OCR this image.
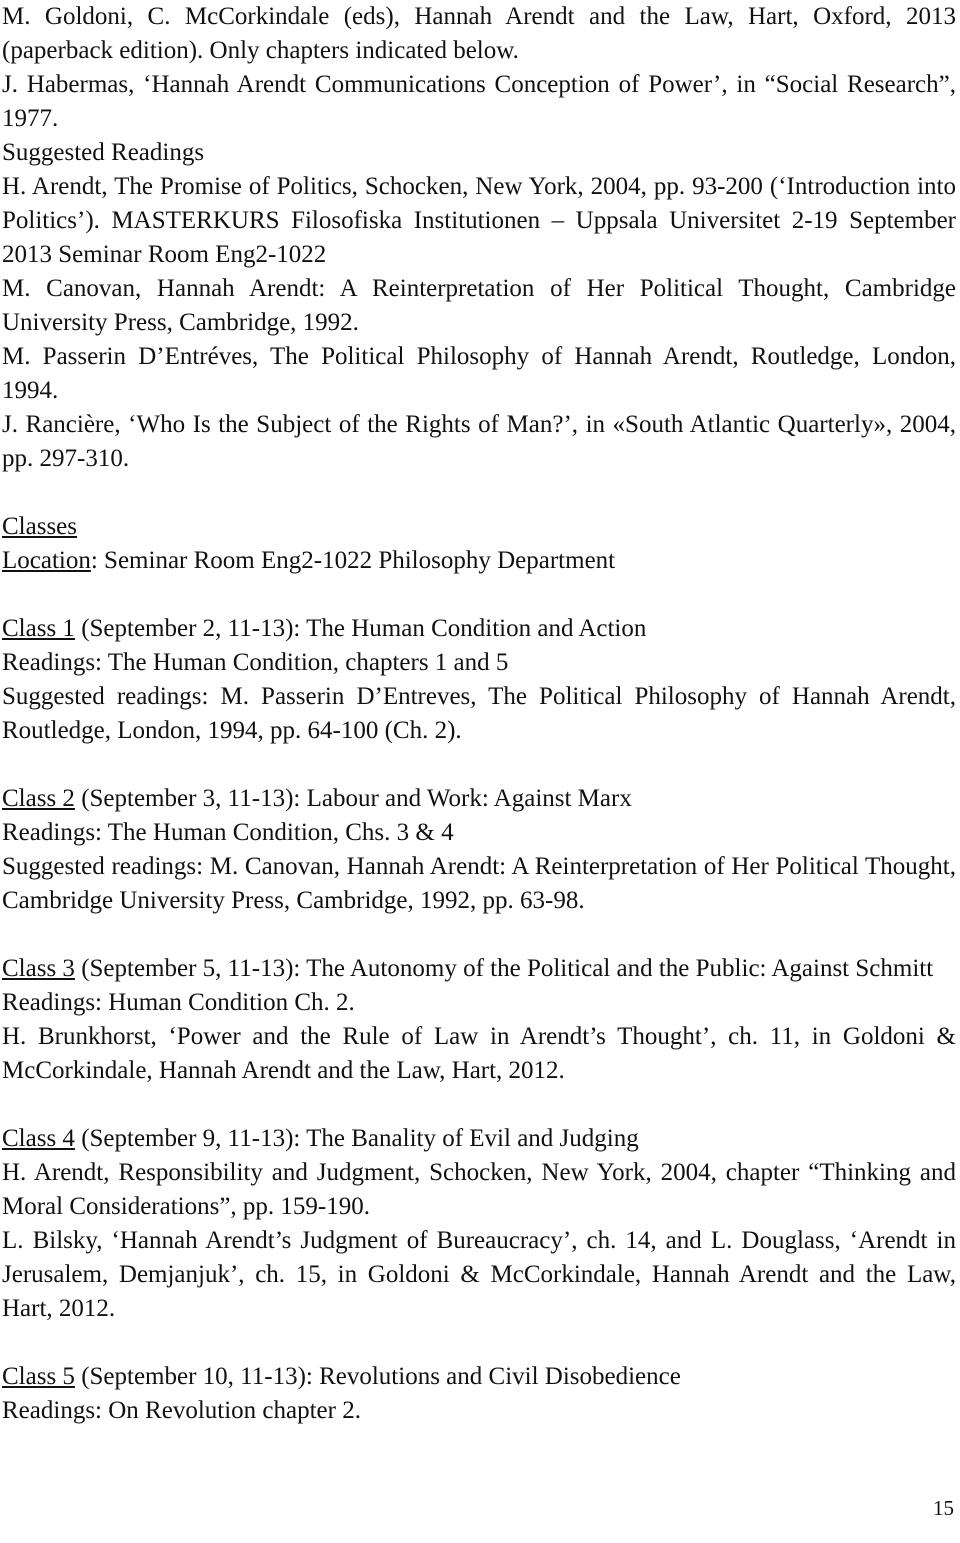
M. Goldoni, C. McCorkindale (eds), Hannah Arendt and the Law, Hart, Oxford, 2013 (paperback edition). Only chapters indicated below.

J. Habermas, ‘Hannah Arendt Communications Conception of Power’, in “Social Research”, 1977.

Suggested Readings

H. Arendt, The Promise of Politics, Schocken, New York, 2004, pp. 93-200 (‘Introduction into Politics’). MASTERKURS Filosofiska Institutionen – Uppsala Universitet 2-19 September 2013 Seminar Room Eng2-1022

M. Canovan, Hannah Arendt: A Reinterpretation of Her Political Thought, Cambridge University Press, Cambridge, 1992.

M. Passerin D’Entréves, The Political Philosophy of Hannah Arendt, Routledge, London, 1994.

J. Rancière, ‘Who Is the Subject of the Rights of Man?’, in «South Atlantic Quarterly», 2004, pp. 297-310.

Classes

Location: Seminar Room Eng2-1022 Philosophy Department

Class 1 (September 2, 11-13): The Human Condition and Action

Readings: The Human Condition, chapters 1 and 5

Suggested readings: M. Passerin D’Entreves, The Political Philosophy of Hannah Arendt, Routledge, London, 1994, pp. 64-100 (Ch. 2).

Class 2 (September 3, 11-13): Labour and Work: Against Marx

Readings: The Human Condition, Chs. 3 & 4

Suggested readings: M. Canovan, Hannah Arendt: A Reinterpretation of Her Political Thought, Cambridge University Press, Cambridge, 1992, pp. 63-98.

Class 3 (September 5, 11-13): The Autonomy of the Political and the Public: Against Schmitt

Readings: Human Condition Ch. 2.

H. Brunkhorst, ‘Power and the Rule of Law in Arendt’s Thought’, ch. 11, in Goldoni & McCorkindale, Hannah Arendt and the Law, Hart, 2012.

Class 4 (September 9, 11-13): The Banality of Evil and Judging

H. Arendt, Responsibility and Judgment, Schocken, New York, 2004, chapter “Thinking and Moral Considerations”, pp. 159-190.

L. Bilsky, ‘Hannah Arendt’s Judgment of Bureaucracy’, ch. 14, and L. Douglass, ‘Arendt in Jerusalem, Demjanjuk’, ch. 15, in Goldoni & McCorkindale, Hannah Arendt and the Law, Hart, 2012.

Class 5 (September 10, 11-13): Revolutions and Civil Disobedience

Readings: On Revolution chapter 2.

15
